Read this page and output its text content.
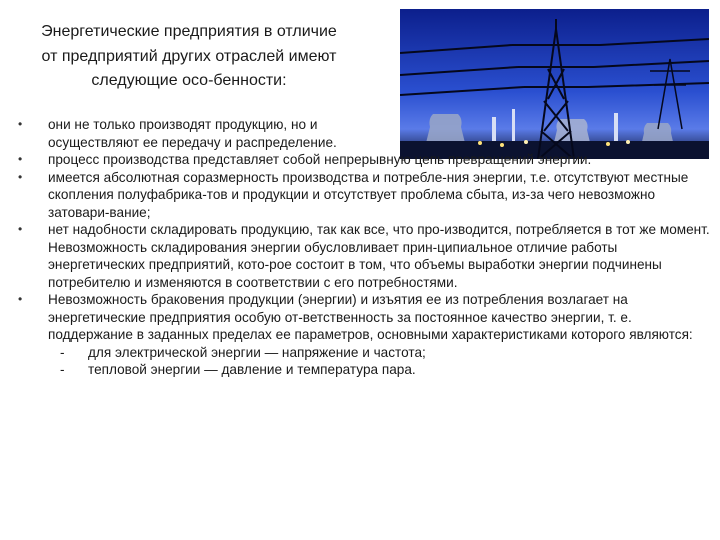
Энергетические предприятия в отличие от предприятий других отраслей имеют следующие осо-бенности:
•	они не только производят продукцию, но и осуществляют ее передачу и распределение.
•	процесс производства представляет собой непрерывную цепь превращений энергии.
•	имеется абсолютная соразмерность производства и потребле-ния энергии, т.е. отсутствуют местные скопления полуфабрика-тов и продукции и отсутствует проблема сбыта, из-за чего невозможно затовари-вание;
•	нет надобности складировать продукцию, так как все, что про-изводится, потребляется в тот же момент. Невозможность складирования энергии обусловливает прин-ципиальное отличие работы энергетических предприятий, кото-рое состоит в том, что объемы выработки энергии подчинены потребителю и изменяются в соответствии с его потребностями.
•	Невозможность браковения продукции (энергии) и изъятия ее из потребления возлагает на энергетические предприятия особую от-ветственность за постоянное качество энергии, т. е. поддержание в заданных пределах ее параметров, основными характеристиками которого являются:
- для электрической энергии — напряжение и частота;
- тепловой энергии — давление и температура пара.
